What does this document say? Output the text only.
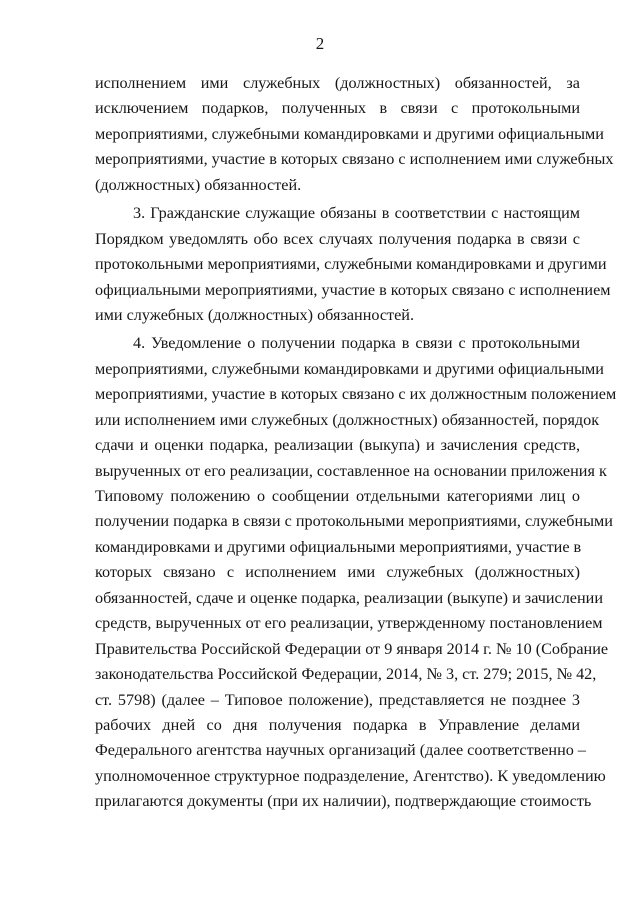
2
исполнением ими служебных (должностных) обязанностей, за
исключением подарков, полученных в связи с протокольными
мероприятиями, служебными командировками и другими официальными
мероприятиями, участие в которых связано с исполнением ими служебных
(должностных) обязанностей.
3. Гражданские служащие обязаны в соответствии с настоящим
Порядком уведомлять обо всех случаях получения подарка в связи с
протокольными мероприятиями, служебными командировками и другими
официальными мероприятиями, участие в которых связано с исполнением
ими служебных (должностных) обязанностей.
4. Уведомление о получении подарка в связи с протокольными
мероприятиями, служебными командировками и другими официальными
мероприятиями, участие в которых связано с их должностным положением
или исполнением ими служебных (должностных) обязанностей, порядок
сдачи и оценки подарка, реализации (выкупа) и зачисления средств,
вырученных от его реализации, составленное на основании приложения к
Типовому положению о сообщении отдельными категориями лиц о
получении подарка в связи с протокольными мероприятиями, служебными
командировками и другими официальными мероприятиями, участие в
которых связано с исполнением ими служебных (должностных)
обязанностей, сдаче и оценке подарка, реализации (выкупе) и зачислении
средств, вырученных от его реализации, утвержденному постановлением
Правительства Российской Федерации от 9 января 2014 г. № 10 (Собрание
законодательства Российской Федерации, 2014, № 3, ст. 279; 2015, № 42,
ст. 5798) (далее – Типовое положение), представляется не позднее 3
рабочих дней со дня получения подарка в Управление делами
Федерального агентства научных организаций (далее соответственно –
уполномоченное структурное подразделение, Агентство). К уведомлению
прилагаются документы (при их наличии), подтверждающие стоимость
